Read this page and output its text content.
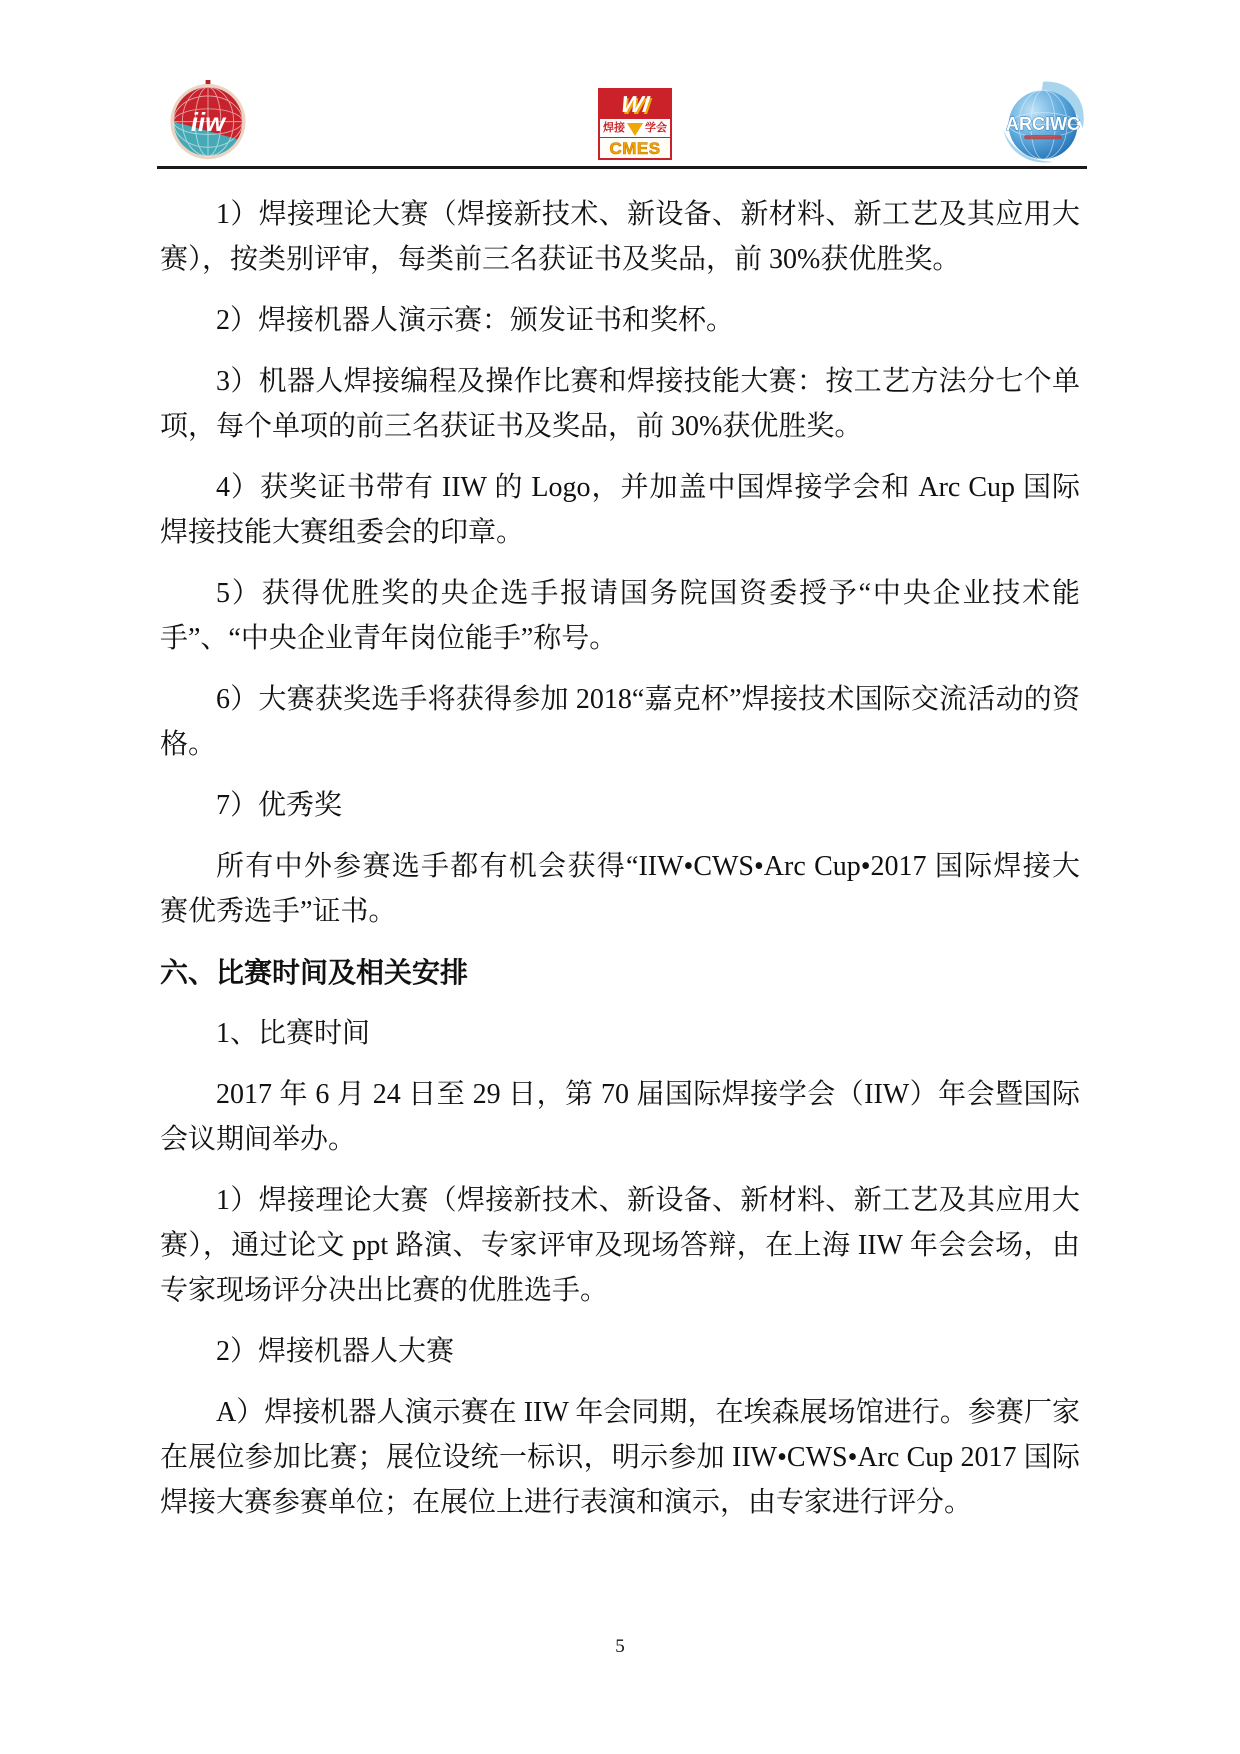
iiw
WI
焊接 学会
CMES
ARCIWC

1）焊接理论大赛（焊接新技术、新设备、新材料、新工艺及其应用大赛），按类别评审，每类前三名获证书及奖品，前 30%获优胜奖。

2）焊接机器人演示赛：颁发证书和奖杯。

3）机器人焊接编程及操作比赛和焊接技能大赛：按工艺方法分七个单项，每个单项的前三名获证书及奖品，前 30%获优胜奖。

4）获奖证书带有 IIW 的 Logo，并加盖中国焊接学会和 Arc Cup 国际焊接技能大赛组委会的印章。

5）获得优胜奖的央企选手报请国务院国资委授予“中央企业技术能手”、“中央企业青年岗位能手”称号。

6）大赛获奖选手将获得参加 2018“嘉克杯”焊接技术国际交流活动的资格。

7）优秀奖

所有中外参赛选手都有机会获得“IIW•CWS•Arc Cup•2017 国际焊接大赛优秀选手”证书。

六、比赛时间及相关安排

1、比赛时间

2017 年 6 月 24 日至 29 日，第 70 届国际焊接学会（IIW）年会暨国际会议期间举办。

1）焊接理论大赛（焊接新技术、新设备、新材料、新工艺及其应用大赛），通过论文 ppt 路演、专家评审及现场答辩，在上海 IIW 年会会场，由专家现场评分决出比赛的优胜选手。

2）焊接机器人大赛

A）焊接机器人演示赛在 IIW 年会同期，在埃森展场馆进行。参赛厂家在展位参加比赛；展位设统一标识，明示参加 IIW•CWS•Arc Cup 2017 国际焊接大赛参赛单位；在展位上进行表演和演示，由专家进行评分。

5
